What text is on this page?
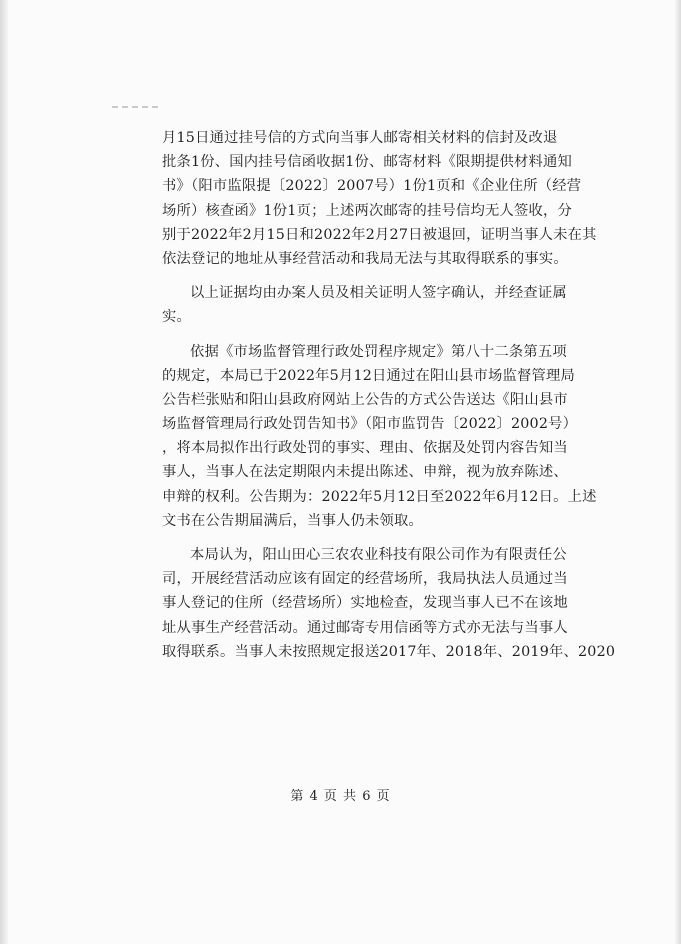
月15日通过挂号信的方式向当事人邮寄相关材料的信封及改退
批条1份、国内挂号信函收据1份、邮寄材料《限期提供材料通知
书》（阳市监限提〔2022〕2007号）1份1页和《企业住所（经营
场所）核查函》1份1页；上述两次邮寄的挂号信均无人签收，分
别于2022年2月15日和2022年2月27日被退回，证明当事人未在其
依法登记的地址从事经营活动和我局无法与其取得联系的事实。
以上证据均由办案人员及相关证明人签字确认，并经查证属
实。
依据《市场监督管理行政处罚程序规定》第八十二条第五项
的规定，本局已于2022年5月12日通过在阳山县市场监督管理局
公告栏张贴和阳山县政府网站上公告的方式公告送达《阳山县市
场监督管理局行政处罚告知书》（阳市监罚告〔2022〕2002号）
，将本局拟作出行政处罚的事实、理由、依据及处罚内容告知当
事人，当事人在法定期限内未提出陈述、申辩，视为放弃陈述、
申辩的权利。公告期为：2022年5月12日至2022年6月12日。上述
文书在公告期届满后，当事人仍未领取。
本局认为，阳山田心三农农业科技有限公司作为有限责任公
司，开展经营活动应该有固定的经营场所，我局执法人员通过当
事人登记的住所（经营场所）实地检查，发现当事人已不在该地
址从事生产经营活动。通过邮寄专用信函等方式亦无法与当事人
取得联系。当事人未按照规定报送2017年、2018年、2019年、2020
第 4 页 共 6 页
